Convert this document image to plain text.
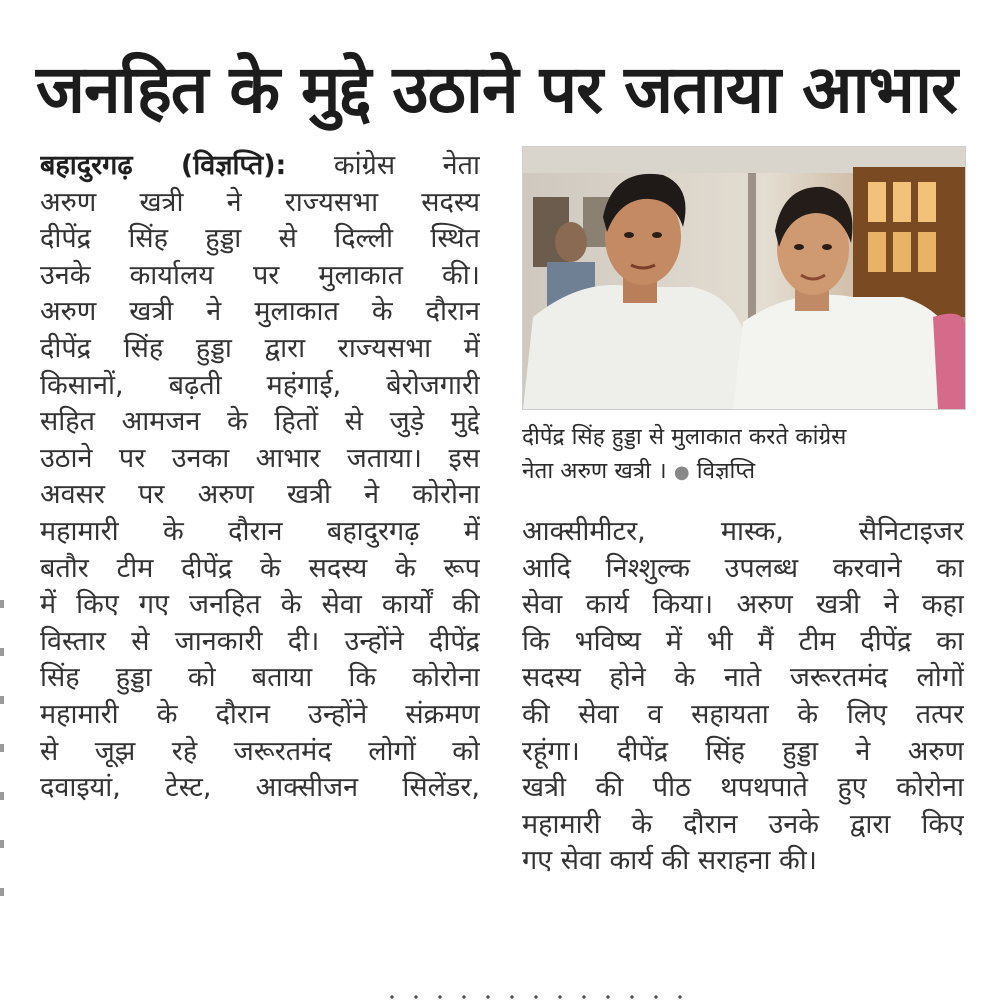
जनहित के मुद्दे उठाने पर जताया आभार
बहादुरगढ़ (विज्ञप्ति): कांग्रेस नेता
अरुण खत्री ने राज्यसभा सदस्य
दीपेंद्र सिंह हुड्डा से दिल्ली स्थित
उनके कार्यालय पर मुलाकात की।
अरुण खत्री ने मुलाकात के दौरान
दीपेंद्र सिंह हुड्डा द्वारा राज्यसभा में
किसानों, बढ़ती महंगाई, बेरोजगारी
सहित आमजन के हितों से जुड़े मुद्दे
उठाने पर उनका आभार जताया। इस
अवसर पर अरुण खत्री ने कोरोना
महामारी के दौरान बहादुरगढ़ में
बतौर टीम दीपेंद्र के सदस्य के रूप
में किए गए जनहित के सेवा कार्यों की
विस्तार से जानकारी दी। उन्होंने दीपेंद्र
सिंह हुड्डा को बताया कि कोरोना
महामारी के दौरान उन्होंने संक्रमण
से जूझ रहे जरूरतमंद लोगों को
दवाइयां, टेस्ट, आक्सीजन सिलेंडर,
दीपेंद्र सिंह हुड्डा से मुलाकात करते कांग्रेस
नेता अरुण खत्री । ● विज्ञप्ति
आक्सीमीटर, मास्क, सैनिटाइजर
आदि निश्शुल्क उपलब्ध करवाने का
सेवा कार्य किया। अरुण खत्री ने कहा
कि भविष्य में भी मैं टीम दीपेंद्र का
सदस्य होने के नाते जरूरतमंद लोगों
की सेवा व सहायता के लिए तत्पर
रहूंगा। दीपेंद्र सिंह हुड्डा ने अरुण
खत्री की पीठ थपथपाते हुए कोरोना
महामारी के दौरान उनके द्वारा किए
गए सेवा कार्य की सराहना की।
